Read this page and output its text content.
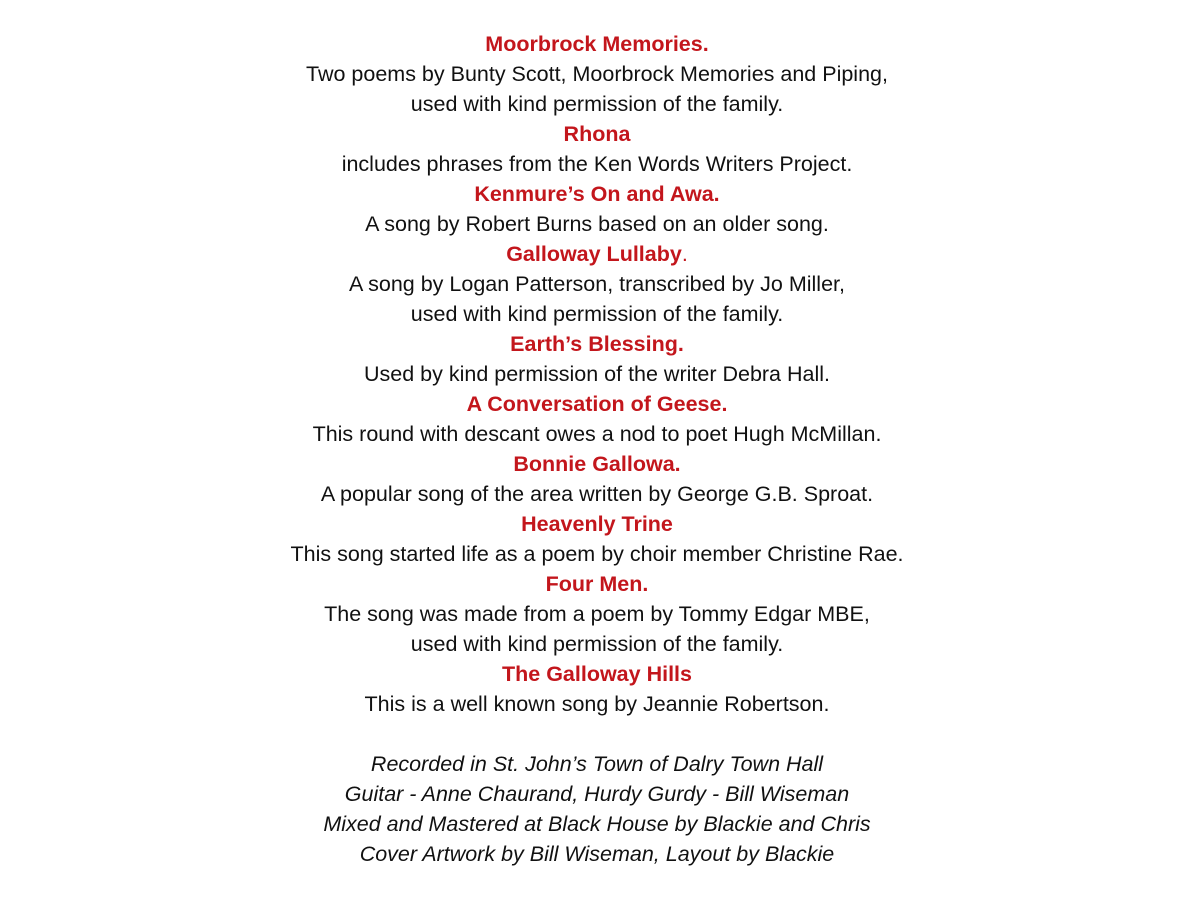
Moorbrock Memories.
Two poems by Bunty Scott, Moorbrock Memories and Piping,
used with kind permission of the family.
Rhona
includes phrases from the Ken Words Writers Project.
Kenmure’s On and Awa.
A song by Robert Burns based on an older song.
Galloway Lullaby.
A song by Logan Patterson, transcribed by Jo Miller,
used with kind permission of the family.
Earth’s Blessing.
Used by kind permission of the writer Debra Hall.
A Conversation of Geese.
This round with descant owes a nod to poet Hugh McMillan.
Bonnie Gallowa.
A popular song of the area written by George G.B. Sproat.
Heavenly Trine
This song started life as a poem by choir member Christine Rae.
Four Men.
The song was made from a poem by Tommy Edgar MBE,
used with kind permission of the family.
The Galloway Hills
This is a well known song by Jeannie Robertson.
Recorded in St. John’s Town of Dalry Town Hall
Guitar - Anne Chaurand, Hurdy Gurdy - Bill Wiseman
Mixed and Mastered at Black House by Blackie and Chris
Cover Artwork by Bill Wiseman, Layout by Blackie
